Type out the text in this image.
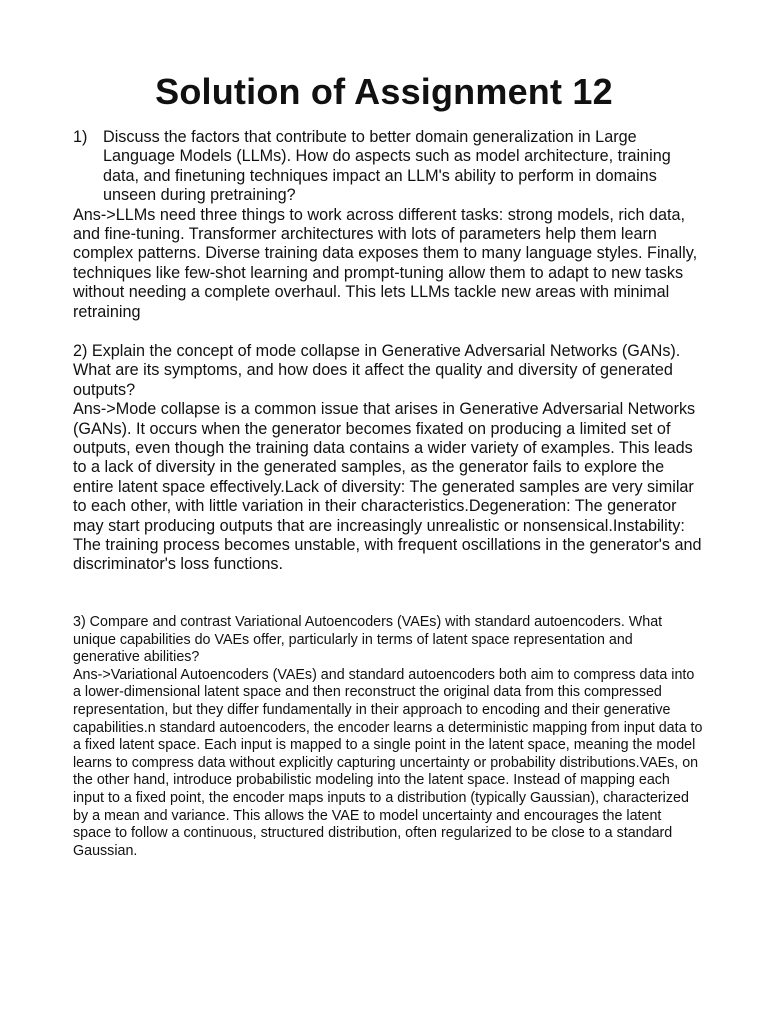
Solution of Assignment 12
1) Discuss the factors that contribute to better domain generalization in Large Language Models (LLMs). How do aspects such as model architecture, training data, and finetuning techniques impact an LLM's ability to perform in domains unseen during pretraining?

Ans->LLMs need three things to work across different tasks: strong models, rich data, and fine-tuning. Transformer architectures with lots of parameters help them learn complex patterns. Diverse training data exposes them to many language styles. Finally, techniques like few-shot learning and prompt-tuning allow them to adapt to new tasks without needing a complete overhaul. This lets LLMs tackle new areas with minimal retraining

2) Explain the concept of mode collapse in Generative Adversarial Networks (GANs). What are its symptoms, and how does it affect the quality and diversity of generated outputs?

Ans->Mode collapse is a common issue that arises in Generative Adversarial Networks (GANs). It occurs when the generator becomes fixated on producing a limited set of outputs, even though the training data contains a wider variety of examples. This leads to a lack of diversity in the generated samples, as the generator fails to explore the entire latent space effectively.Lack of diversity: The generated samples are very similar to each other, with little variation in their characteristics.Degeneration: The generator may start producing outputs that are increasingly unrealistic or nonsensical.Instability: The training process becomes unstable, with frequent oscillations in the generator's and discriminator's loss functions.

3) Compare and contrast Variational Autoencoders (VAEs) with standard autoencoders. What unique capabilities do VAEs offer, particularly in terms of latent space representation and generative abilities?

Ans->Variational Autoencoders (VAEs) and standard autoencoders both aim to compress data into a lower-dimensional latent space and then reconstruct the original data from this compressed representation, but they differ fundamentally in their approach to encoding and their generative capabilities.n standard autoencoders, the encoder learns a deterministic mapping from input data to a fixed latent space. Each input is mapped to a single point in the latent space, meaning the model learns to compress data without explicitly capturing uncertainty or probability distributions.VAEs, on the other hand, introduce probabilistic modeling into the latent space. Instead of mapping each input to a fixed point, the encoder maps inputs to a distribution (typically Gaussian), characterized by a mean and variance. This allows the VAE to model uncertainty and encourages the latent space to follow a continuous, structured distribution, often regularized to be close to a standard Gaussian.
